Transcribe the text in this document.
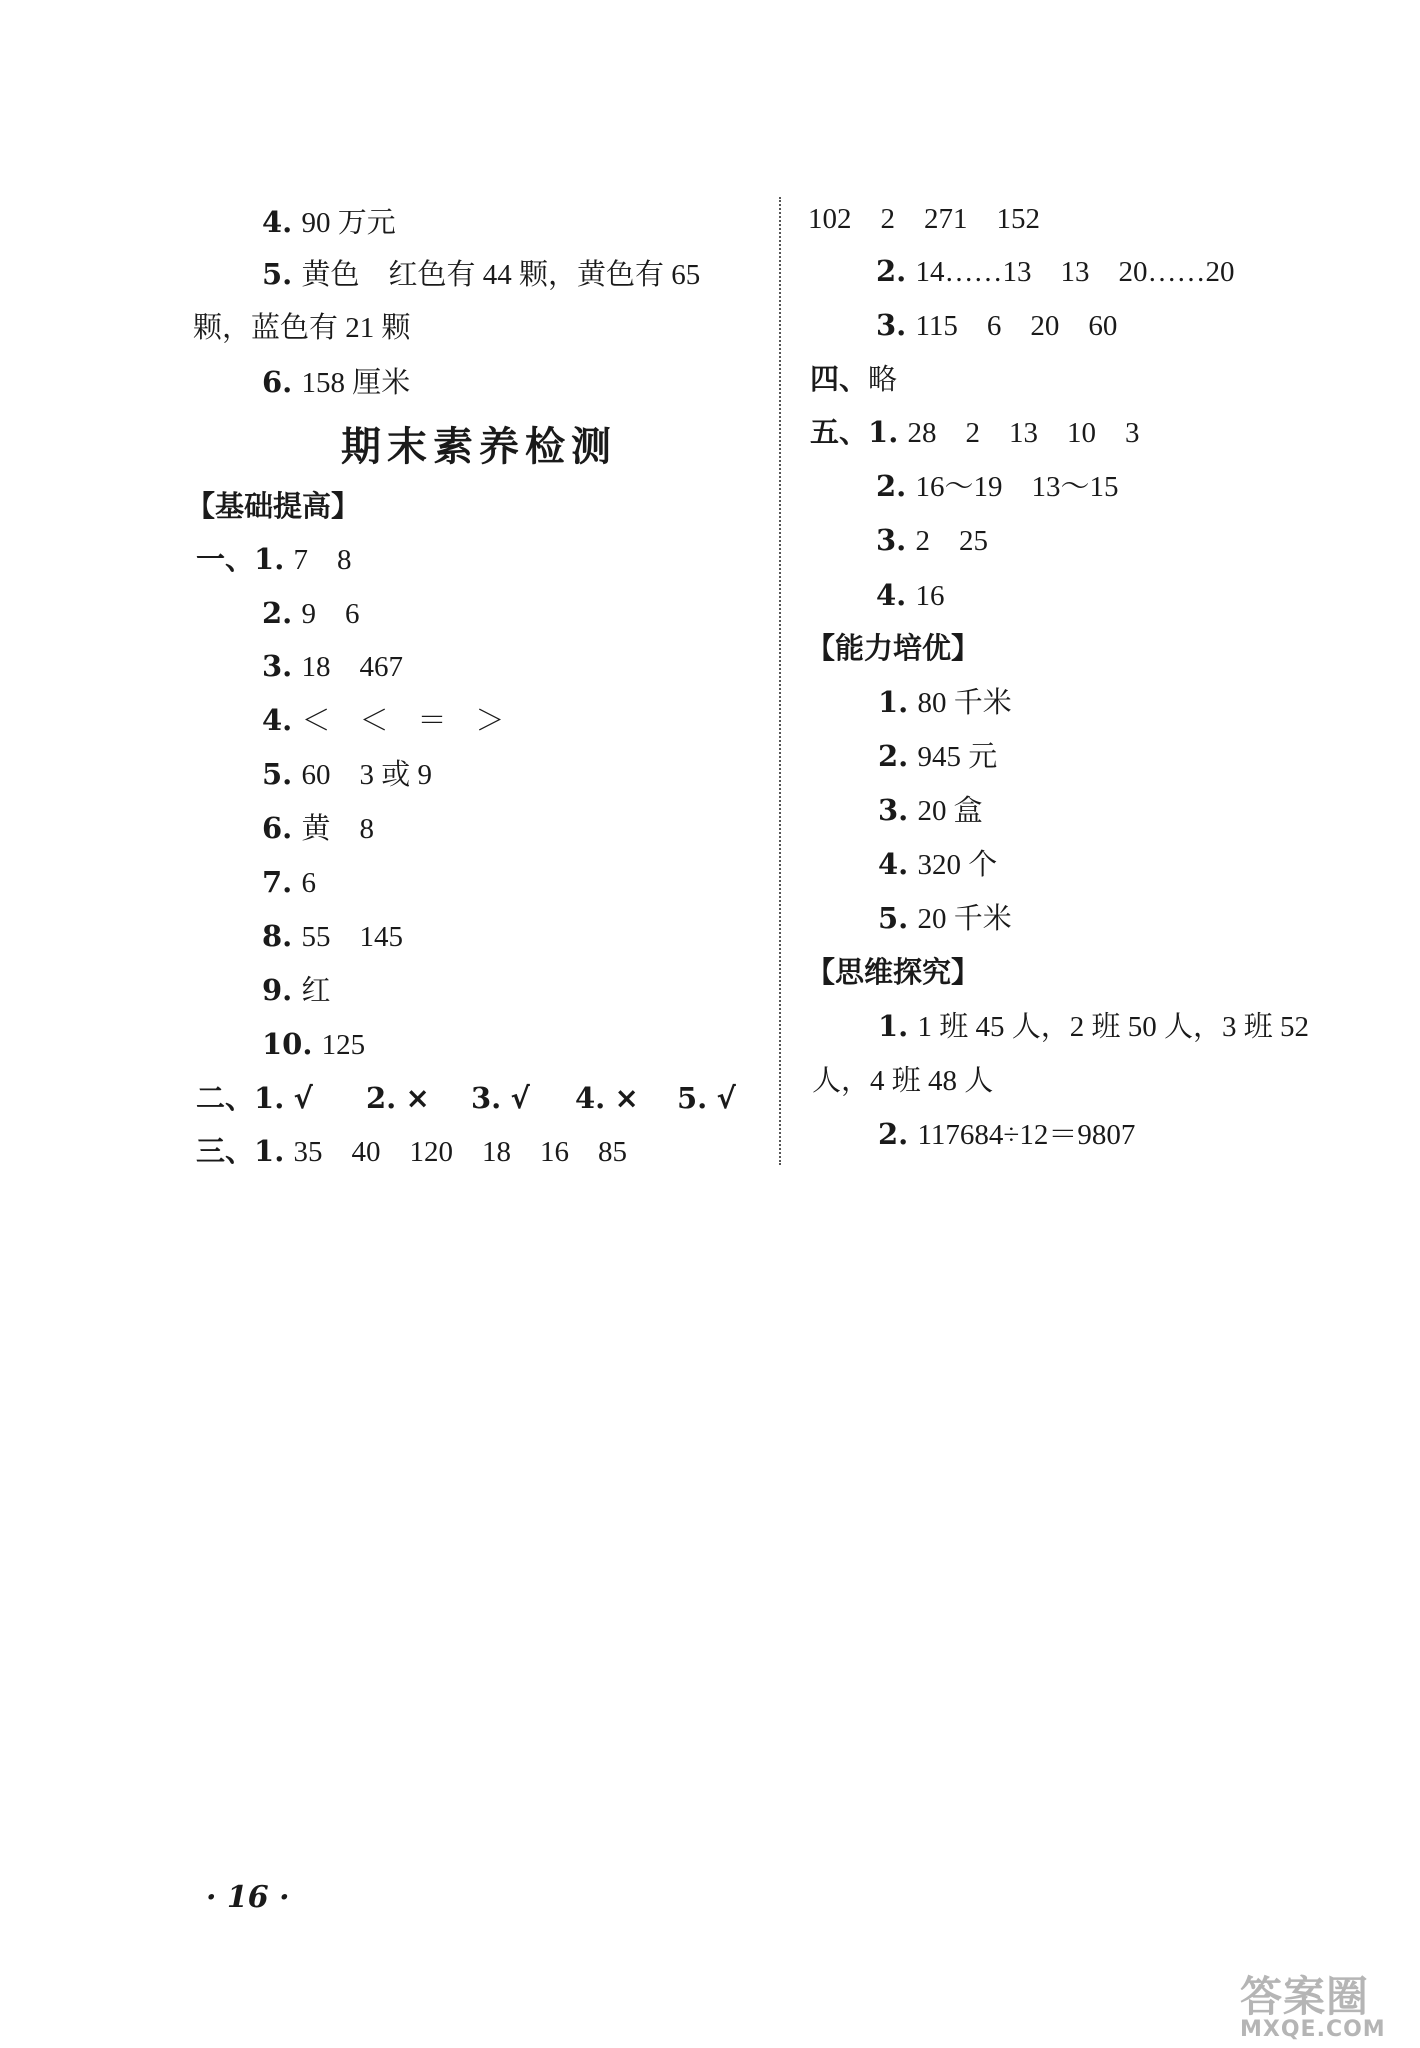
4. 90 万元
5. 黄色　红色有 44 颗，黄色有 65
颗，蓝色有 21 颗
6. 158 厘米
期末素养检测
【基础提高】
一、1. 7　8
2. 9　6
3. 18　467
4. ＜　＜　＝　＞
5. 60　3 或 9
6. 黄　8
7. 6
8. 55　145
9. 红
10. 125
二、1. √ 2. × 3. √ 4. × 5. √
三、1. 35　40　120　18　16　85
102　2　271　152
2. 14……13　13　20……20
3. 115　6　20　60
四、略
五、1. 28　2　13　10　3
2. 16～19　13～15
3. 2　25
4. 16
【能力培优】
1. 80 千米
2. 945 元
3. 20 盒
4. 320 个
5. 20 千米
【思维探究】
1. 1 班 45 人，2 班 50 人，3 班 52
人，4 班 48 人
2. 117684÷12＝9807
· 16 ·
答案圈
MXQE.COM
